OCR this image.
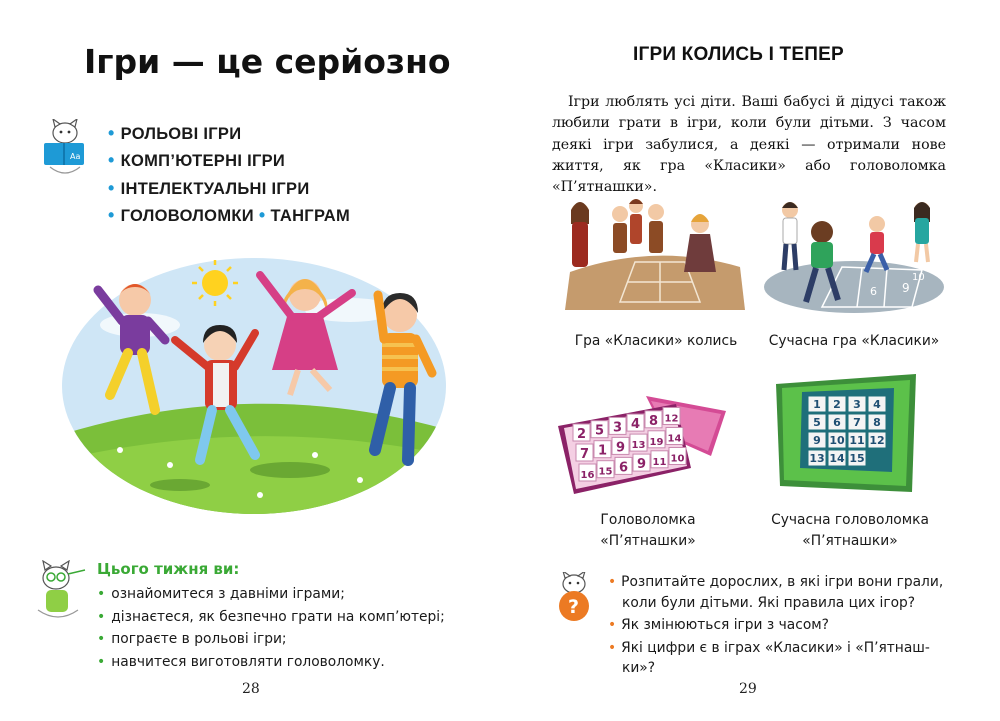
Ігри — це серйозно
Aa
• РОЛЬОВІ ІГРИ
• КОМП’ЮТЕРНІ ІГРИ
• ІНТЕЛЕКТУАЛЬНІ ІГРИ
• ГОЛОВОЛОМКИ • ТАНГРАМ
Цього тижня ви:
• ознайомитеся з давніми іграми;
• дізнаєтеся, як безпечно грати на комп’ютері;
• пограєте в рольові ігри;
• навчитеся виготовляти головоломку.
28
ІГРИ КОЛИСЬ І ТЕПЕР

Ігри люблять усі діти. Ваші бабусі й дідусі також любили грати в ігри, коли були дітьми. З часом деякі ігри забулися, а деякі — отримали нове життя, як гра «Класики» або головоломка «П’ятнашки».

Гра «Класики» колись
9
10
6
Сучасна гра «Класики»
2 5 3 4 8 12
7 1 9 13 19 14
16 15 6 9 11 10
Головоломка
«П’ятнашки»
1 2 3 4
5 6 7 8
9 10 11 12
13 14 15
Сучасна головоломка
«П’ятнашки»
?
• Розпитайте дорослих, в які ігри вони грали, коли були дітьми. Які правила цих ігор?
• Як змінюються ігри з часом?
• Які цифри є в іграх «Класики» і «П’ятнашки»?
29
